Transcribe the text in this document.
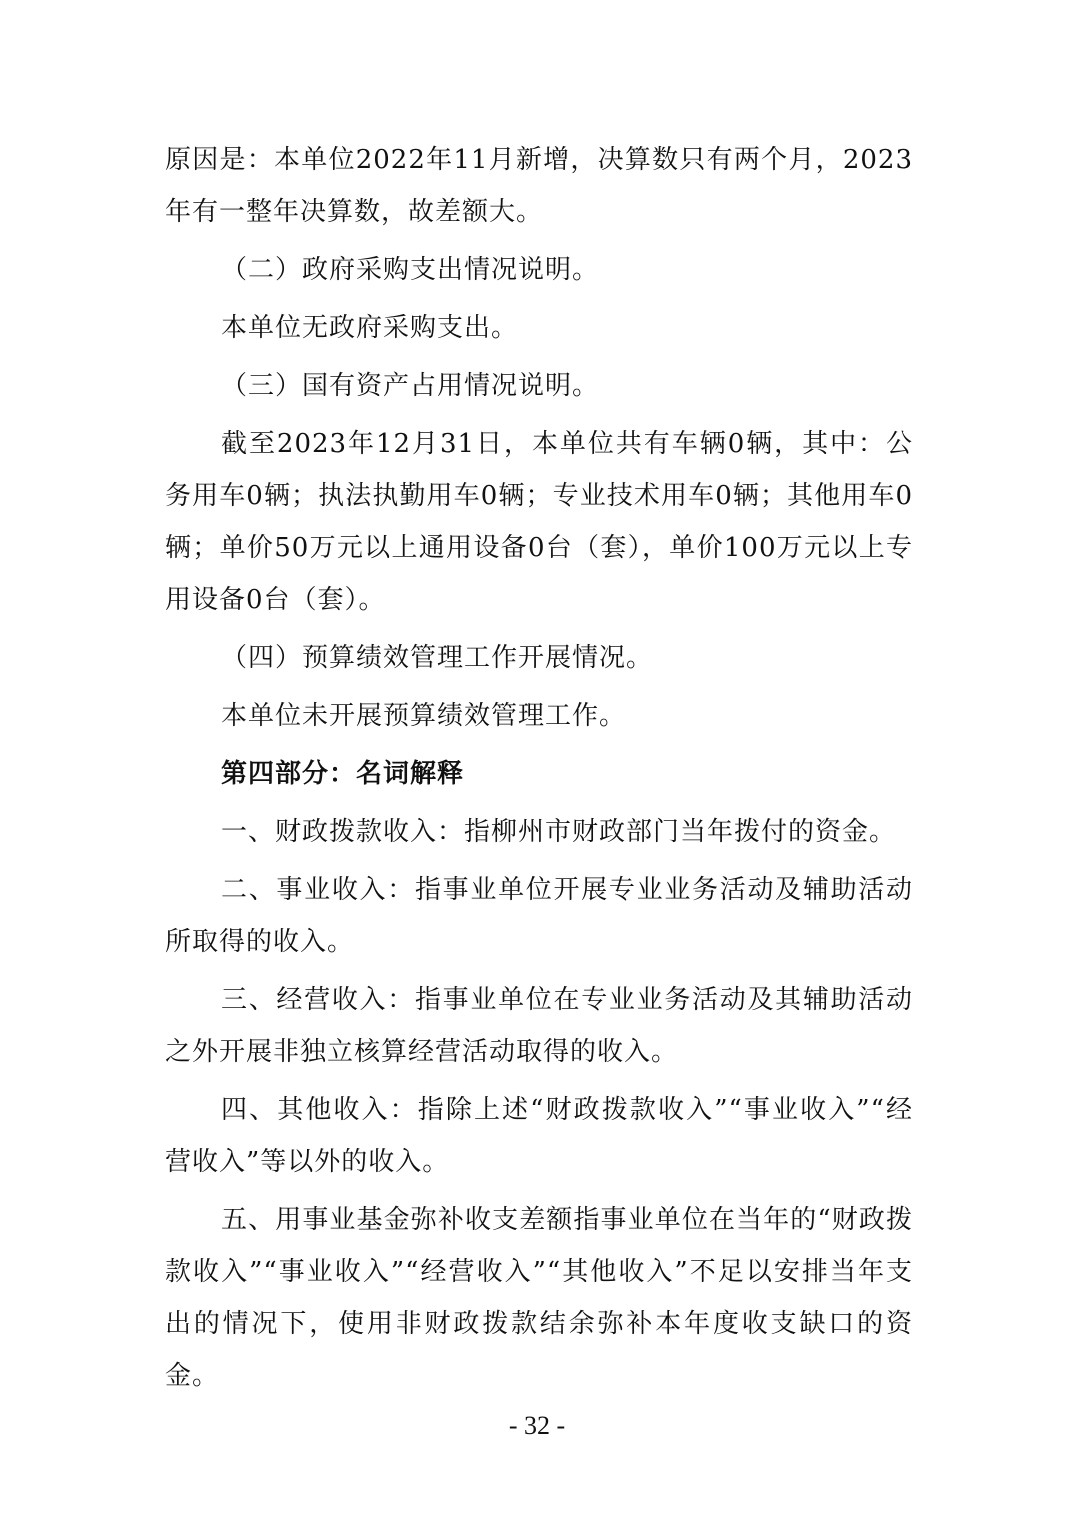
原因是：本单位2022年11月新增，决算数只有两个月，2023年有一整年决算数，故差额大。

（二）政府采购支出情况说明。

本单位无政府采购支出。

（三）国有资产占用情况说明。

截至2023年12月31日，本单位共有车辆0辆，其中：公务用车0辆；执法执勤用车0辆；专业技术用车0辆；其他用车0辆；单价50万元以上通用设备0台（套），单价100万元以上专用设备0台（套）。

（四）预算绩效管理工作开展情况。

本单位未开展预算绩效管理工作。

第四部分：名词解释

一、财政拨款收入：指柳州市财政部门当年拨付的资金。

二、事业收入：指事业单位开展专业业务活动及辅助活动所取得的收入。

三、经营收入：指事业单位在专业业务活动及其辅助活动之外开展非独立核算经营活动取得的收入。

四、其他收入：指除上述“财政拨款收入”“事业收入”“经营收入”等以外的收入。

五、用事业基金弥补收支差额指事业单位在当年的“财政拨款收入”“事业收入”“经营收入”“其他收入”不足以安排当年支出的情况下，使用非财政拨款结余弥补本年度收支缺口的资金。

- 32 -
